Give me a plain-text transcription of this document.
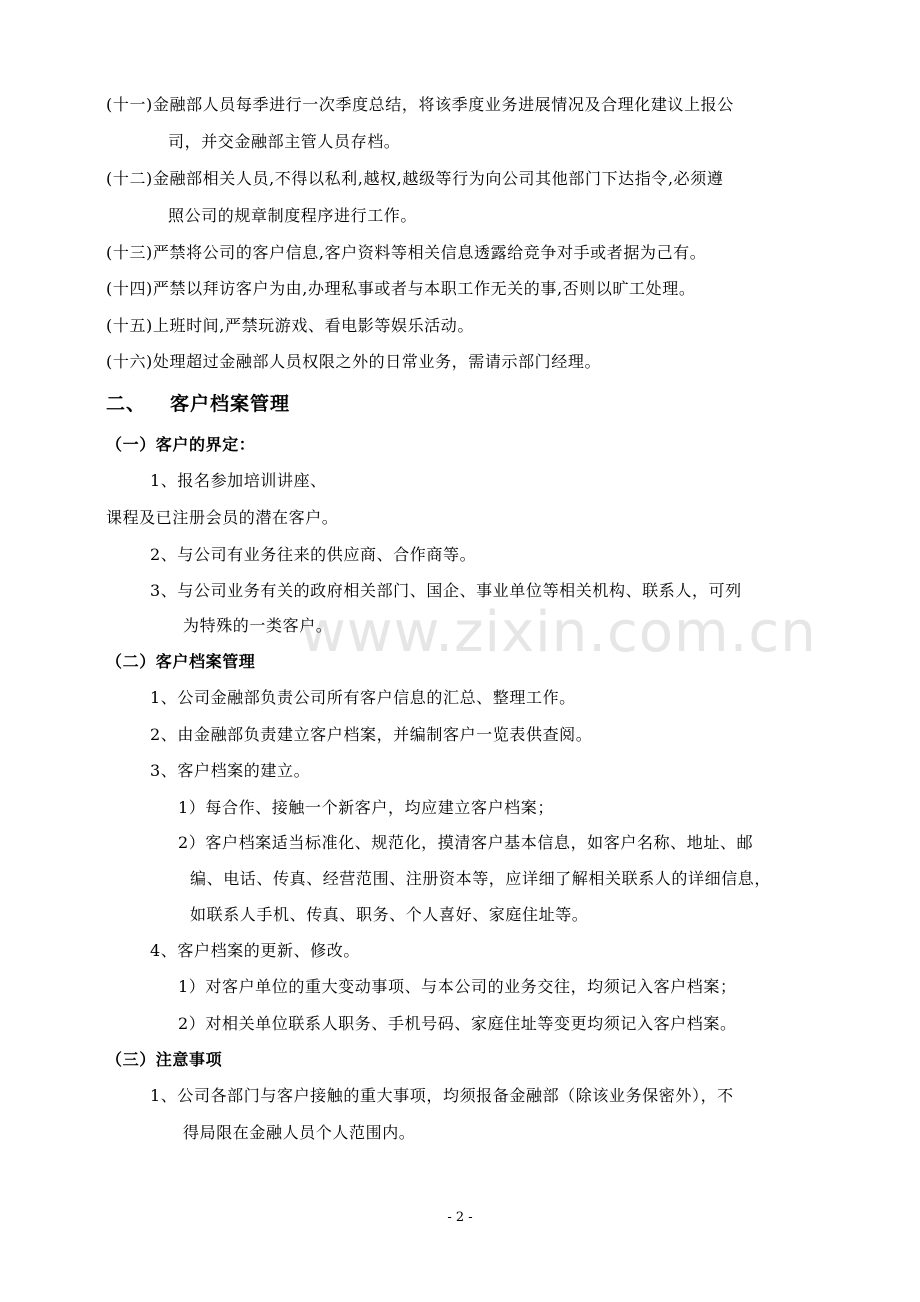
www.zixin.com.cn
(十一)金融部人员每季进行一次季度总结，将该季度业务进展情况及合理化建议上报公
司，并交金融部主管人员存档。
(十二)金融部相关人员,不得以私利,越权,越级等行为向公司其他部门下达指令,必须遵
照公司的规章制度程序进行工作。
(十三)严禁将公司的客户信息,客户资料等相关信息透露给竞争对手或者据为己有。
(十四)严禁以拜访客户为由,办理私事或者与本职工作无关的事,否则以旷工处理。
(十五)上班时间,严禁玩游戏、看电影等娱乐活动。
(十六)处理超过金融部人员权限之外的日常业务，需请示部门经理。
二、 客户档案管理
（一）客户的界定：
1、报名参加培训讲座、
课程及已注册会员的潜在客户。
2、与公司有业务往来的供应商、合作商等。
3、与公司业务有关的政府相关部门、国企、事业单位等相关机构、联系人，可列
为特殊的一类客户。
（二）客户档案管理
1、公司金融部负责公司所有客户信息的汇总、整理工作。
2、由金融部负责建立客户档案，并编制客户一览表供查阅。
3、客户档案的建立。
1）每合作、接触一个新客户，均应建立客户档案；
2）客户档案适当标准化、规范化，摸清客户基本信息，如客户名称、地址、邮
编、电话、传真、经营范围、注册资本等，应详细了解相关联系人的详细信息，
如联系人手机、传真、职务、个人喜好、家庭住址等。
4、客户档案的更新、修改。
1）对客户单位的重大变动事项、与本公司的业务交往，均须记入客户档案；
2）对相关单位联系人职务、手机号码、家庭住址等变更均须记入客户档案。
（三）注意事项
1、公司各部门与客户接触的重大事项，均须报备金融部（除该业务保密外），不
得局限在金融人员个人范围内。
- 2 -
